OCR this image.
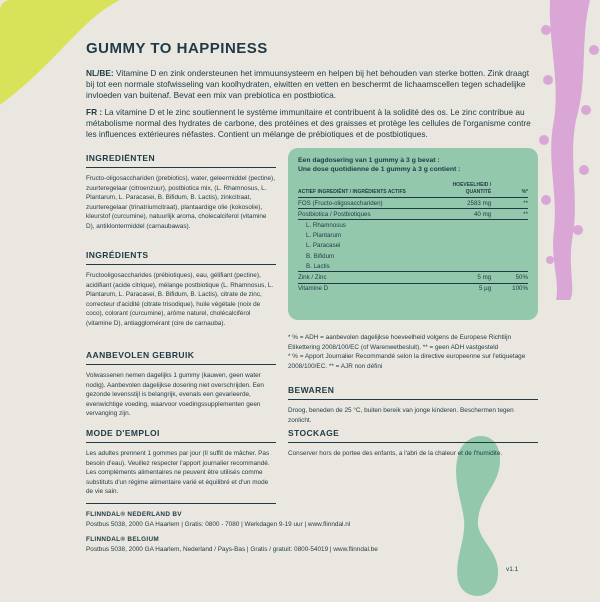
GUMMY TO HAPPINESS

NL/BE: Vitamine D en zink ondersteunen het immuunsysteem en helpen bij het behouden van sterke botten. Zink draagt bij tot een normale stofwisseling van koolhydraten, eiwitten en vetten en beschermt de lichaamscellen tegen schadelijke invloeden van buitenaf. Bevat een mix van prebiotica en postbiotica.

FR : La vitamine D et le zinc soutiennent le système immunitaire et contribuent à la solidité des os. Le zinc contribue au métabolisme normal des hydrates de carbone, des protéines et des graisses et protège les cellules de l'organisme contre les influences extérieures néfastes. Contient un mélange de prébiotiques et de postbiotiques.

INGREDIËNTEN

Fructo-oligosacchariden (prebiotics), water, geleermiddel (pectine), zuurteregelaar (citroenzuur), postbiotica mix, (L. Rhamnosus, L. Plantarum, L. Paracasei, B. Bifidum, B. Lactis), zinkcitraat, zuurteregelaar (trinatriumcitraat), plantaardige olie (kokosolie), kleurstof (curcumine), natuurlijk aroma, cholecalciferol (vitamine D), antiklontermiddel (carnaubawas).

INGRÉDIENTS

Fructooligosaccharides (prébiotiques), eau, gélifiant (pectine), acidifiant (acide citrique), mélange postbiotique (L. Rhamnosus, L. Plantarum, L. Paracasei, B. Bifidum, B. Lactis), citrate de zinc, correcteur d'acidité (citrate trisodique), huile végétale (noix de coco), colorant (curcumine), arôme naturel, cholécalciférol (vitamine D), antiagglomérant (cire de carnauba).

AANBEVOLEN GEBRUIK

Volwassenen nemen dagelijks 1 gummy (kauwen, geen water nodig). Aanbevolen dagelijkse dosering niet overschrijden. Een gezonde levensstijl is belangrijk, evenals een gevarieerde, evenwichtige voeding, waarvoor voedingssupplementen geen vervanging zijn.

MODE D'EMPLOI

Les adultes prennent 1 gommes par jour (Il suffit de mâcher. Pas besoin d'eau). Veuillez respecter l'apport journalier recommandé. Les compléments alimentaires ne peuvent être utilisés comme substituts d'un régime alimentaire varié et équilibré et d'un mode de vie sain.

Een dagdosering van 1 gummy à 3 g bevat :
Une dose quotidienne de 1 gummy à 3 g contient :
ACTIEF INGREDIËNT / INGRÉDIENTS ACTIFS	HOEVEELHEID / QUANTITÉ	%*
FOS (Fructo-oligosacchariden)	2583 mg	**
Postbiotica / Postbiotiques	40 mg	**
L. Rhamnosus		
L. Plantarum		
L. Paracasei		
B. Bifidum		
B. Lactis		
Zink / Zinc	5 mg	50%
Vitamine D	5 µg	100%

* % = ADH = aanbevolen dagelijkse hoeveelheid volgens de Europese Richtlijn Etikettering 2008/100/EC (of Warenwetbesluit). ** = geen ADH vastgesteld

* % = Apport Journalier Recommandé selon la directive europeenne sur l'etiquetage 2008/100/EC. ** = AJR non défini

BEWAREN

Droog, beneden de 25 °C, buiten bereik van jonge kinderen. Beschermen tegen zonlicht.

STOCKAGE

Conserver hors de portee des enfants, a l'abri de la chaleur et de l'humidite.

FLINNDAL® NEDERLAND BV
Postbus 5038, 2000 GA Haarlem | Gratis: 0800 - 7080 | Werkdagen 9-19 uur | www.flinndal.nl
FLINNDAL® BELGIUM
Postbus 5038, 2000 GA Haarlem, Nederland / Pays-Bas | Gratis / gratuit: 0800-54019 | www.flinndal.be
v1.1
